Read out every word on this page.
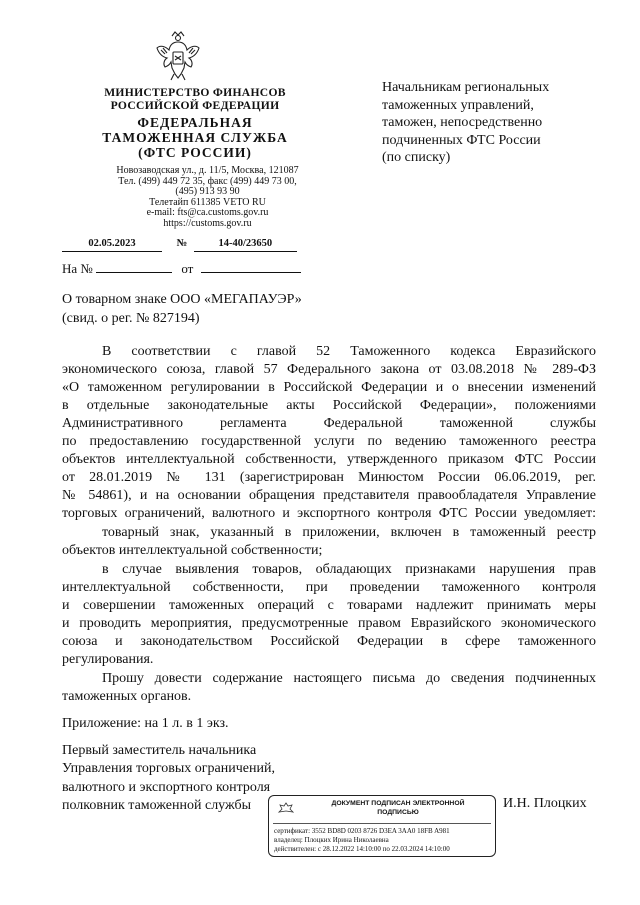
МИНИСТЕРСТВО ФИНАНСОВ
РОССИЙСКОЙ ФЕДЕРАЦИИ
ФЕДЕРАЛЬНАЯ
ТАМОЖЕННАЯ СЛУЖБА
(ФТС РОССИИ)
Новозаводская ул., д. 11/5, Москва, 121087
Тел. (499) 449 72 35, факс (499) 449 73 00,
(495) 913 93 90
Телетайп 611385 VETO RU
e-mail: fts@ca.customs.gov.ru
https://customs.gov.ru
02.05.2023	№	14-40/23650
На №	от
Начальникам региональных
таможенных управлений,
таможен, непосредственно
подчиненных ФТС России
(по списку)
О товарном знаке ООО «МЕГАПАУЭР»
(свид. о рег. № 827194)
В соответствии с главой 52 Таможенного кодекса Евразийского
экономического союза, главой 57 Федерального закона от 03.08.2018 № 289-ФЗ
«О таможенном регулировании в Российской Федерации и о внесении изменений
в отдельные законодательные акты Российской Федерации», положениями
Административного регламента Федеральной таможенной службы
по предоставлению государственной услуги по ведению таможенного реестра
объектов интеллектуальной собственности, утвержденного приказом ФТС России
от 28.01.2019 № 131 (зарегистрирован Минюстом России 06.06.2019, рег.
№ 54861), и на основании обращения представителя правообладателя Управление
торговых ограничений, валютного и экспортного контроля ФТС России уведомляет:
товарный знак, указанный в приложении, включен в таможенный реестр
объектов интеллектуальной собственности;
в случае выявления товаров, обладающих признаками нарушения прав
интеллектуальной собственности, при проведении таможенного контроля
и совершении таможенных операций с товарами надлежит принимать меры
и проводить мероприятия, предусмотренные правом Евразийского экономического
союза и законодательством Российской Федерации в сфере таможенного
регулирования.
Прошу довести содержание настоящего письма до сведения подчиненных
таможенных органов.
Приложение: на 1 л. в 1 экз.
Первый заместитель начальника
Управления торговых ограничений,
валютного и экспортного контроля
полковник таможенной службы	И.Н. Плоцких
ДОКУМЕНТ ПОДПИСАН ЭЛЕКТРОННОЙ
ПОДПИСЬЮ
сертификат: 3552 BD8D 0203 8726 D3EA 3AA0 18FB A981
владелец: Плоцких Ирина Николаевна
действителен: с 28.12.2022 14:10:00 по 22.03.2024 14:10:00
